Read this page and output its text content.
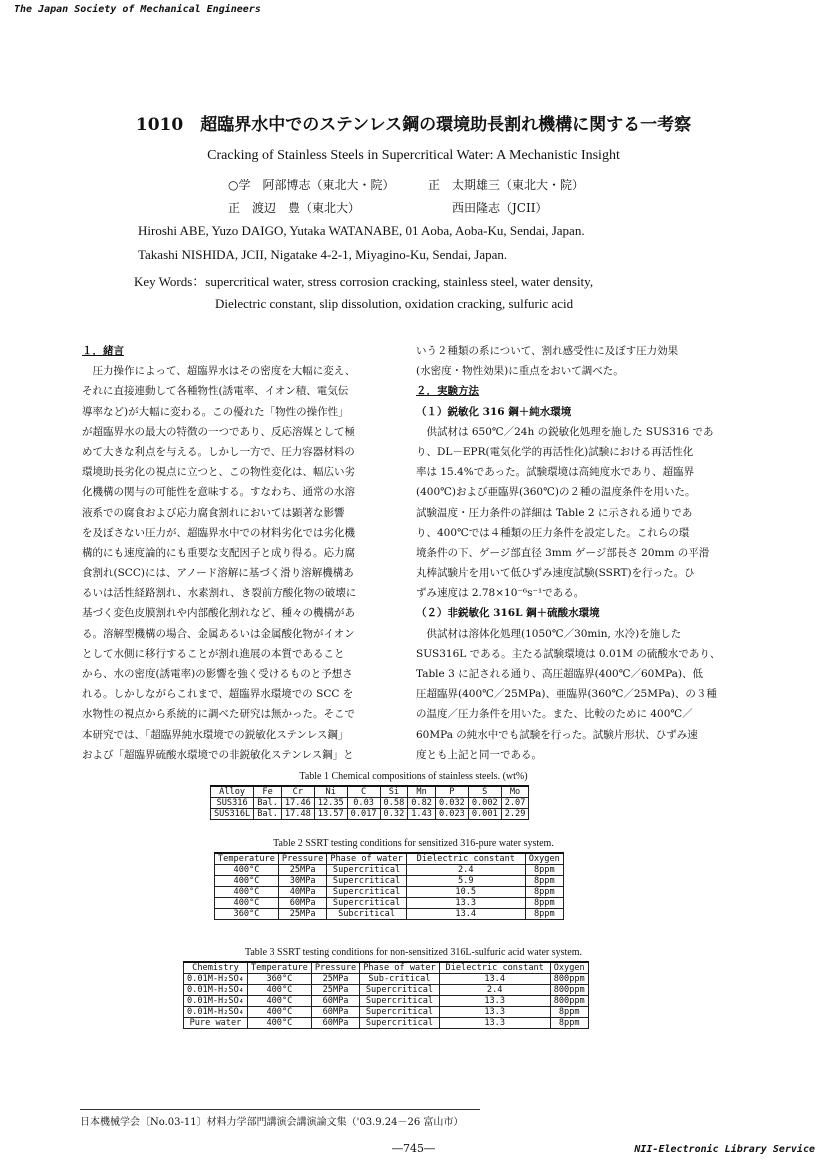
The Japan Society of Mechanical Engineers
1010　超臨界水中でのステンレス鋼の環境助長割れ機構に関する一考察
Cracking of Stainless Steels in Supercritical Water: A Mechanistic Insight
○学　阿部博志（東北大・院）	正　太期雄三（東北大・院）
正　渡辺　豊（東北大）	西田隆志（JCII）
Hiroshi ABE, Yuzo DAIGO, Yutaka WATANABE, 01 Aoba, Aoba-Ku, Sendai, Japan.
Takashi NISHIDA, JCII, Nigatake 4-2-1, Miyagino-Ku, Sendai, Japan.
Key Words：supercritical water, stress corrosion cracking, stainless steel, water density,
Dielectric constant, slip dissolution, oxidation cracking, sulfuric acid
１．緒言
　圧力操作によって、超臨界水はその密度を大幅に変え、
それに直接連動して各種物性(誘電率、イオン積、電気伝
導率など)が大幅に変わる。この優れた「物性の操作性」
が超臨界水の最大の特徴の一つであり、反応溶媒として極
めて大きな利点を与える。しかし一方で、圧力容器材料の
環境助長劣化の視点に立つと、この物性変化は、幅広い劣
化機構の関与の可能性を意味する。すなわち、通常の水溶
液系での腐食および応力腐食割れにおいては顕著な影響
を及ぼさない圧力が、超臨界水中での材料劣化では劣化機
構的にも速度論的にも重要な支配因子と成り得る。応力腐
食割れ(SCC)には、アノード溶解に基づく滑り溶解機構あ
るいは活性経路割れ、水素割れ、き裂前方酸化物の破壊に
基づく変色皮膜割れや内部酸化割れなど、種々の機構があ
る。溶解型機構の場合、金属あるいは金属酸化物がイオン
として水側に移行することが割れ進展の本質であること
から、水の密度(誘電率)の影響を強く受けるものと予想さ
れる。しかしながらこれまで、超臨界水環境での SCC を
水物性の視点から系統的に調べた研究は無かった。そこで
本研究では、「超臨界純水環境での鋭敏化ステンレス鋼」
および「超臨界硫酸水環境での非鋭敏化ステンレス鋼」と
いう２種類の系について、割れ感受性に及ぼす圧力効果
(水密度・物性効果)に重点をおいて調べた。
２．実験方法
（１）鋭敏化 316 鋼＋純水環境
　供試材は 650℃／24h の鋭敏化処理を施した SUS316 であ
り、DL－EPR(電気化学的再活性化)試験における再活性化
率は 15.4%であった。試験環境は高純度水であり、超臨界
(400℃)および亜臨界(360℃)の２種の温度条件を用いた。
試験温度・圧力条件の詳細は Table 2 に示される通りであ
り、400℃では４種類の圧力条件を設定した。これらの環
境条件の下、ゲージ部直径 3mm ゲージ部長さ 20mm の平滑
丸棒試験片を用いて低ひずみ速度試験(SSRT)を行った。ひ
ずみ速度は 2.78×10⁻⁶s⁻¹である。
（２）非鋭敏化 316L 鋼＋硫酸水環境
　供試材は溶体化処理(1050℃／30min, 水冷)を施した
SUS316L である。主たる試験環境は 0.01M の硫酸水であり、
Table 3 に記される通り、高圧超臨界(400℃／60MPa)、低
圧超臨界(400℃／25MPa)、亜臨界(360℃／25MPa)、の３種
の温度／圧力条件を用いた。また、比較のために 400℃／
60MPa の純水中でも試験を行った。試験片形状、ひずみ速
度とも上記と同一である。
Table 1 Chemical compositions of stainless steels. (wt%)
Alloy	Fe	Cr	Ni	C	Si	Mn	P	S	Mo
SUS316	Bal.	17.46	12.35	0.03	0.58	0.82	0.032	0.002	2.07
SUS316L	Bal.	17.48	13.57	0.017	0.32	1.43	0.023	0.001	2.29
Table 2 SSRT testing conditions for sensitized 316-pure water system.
Temperature	Pressure	Phase of water	Dielectric constant	Oxygen
400°C	25MPa	Supercritical	2.4	8ppm
400°C	30MPa	Supercritical	5.9	8ppm
400°C	40MPa	Supercritical	10.5	8ppm
400°C	60MPa	Supercritical	13.3	8ppm
360°C	25MPa	Subcritical	13.4	8ppm
Table 3 SSRT testing conditions for non-sensitized 316L-sulfuric acid water system.
Chemistry	Temperature	Pressure	Phase of water	Dielectric constant	Oxygen
0.01M-H₂SO₄	360°C	25MPa	Sub-critical	13.4	800ppm
0.01M-H₂SO₄	400°C	25MPa	Supercritical	2.4	800ppm
0.01M-H₂SO₄	400°C	60MPa	Supercritical	13.3	800ppm
0.01M-H₂SO₄	400°C	60MPa	Supercritical	13.3	8ppm
Pure water	400°C	60MPa	Supercritical	13.3	8ppm
日本機械学会〔No.03-11〕材料力学部門講演会講演論文集（'03.9.24－26 富山市）
―745―	NII-Electronic Library Service
